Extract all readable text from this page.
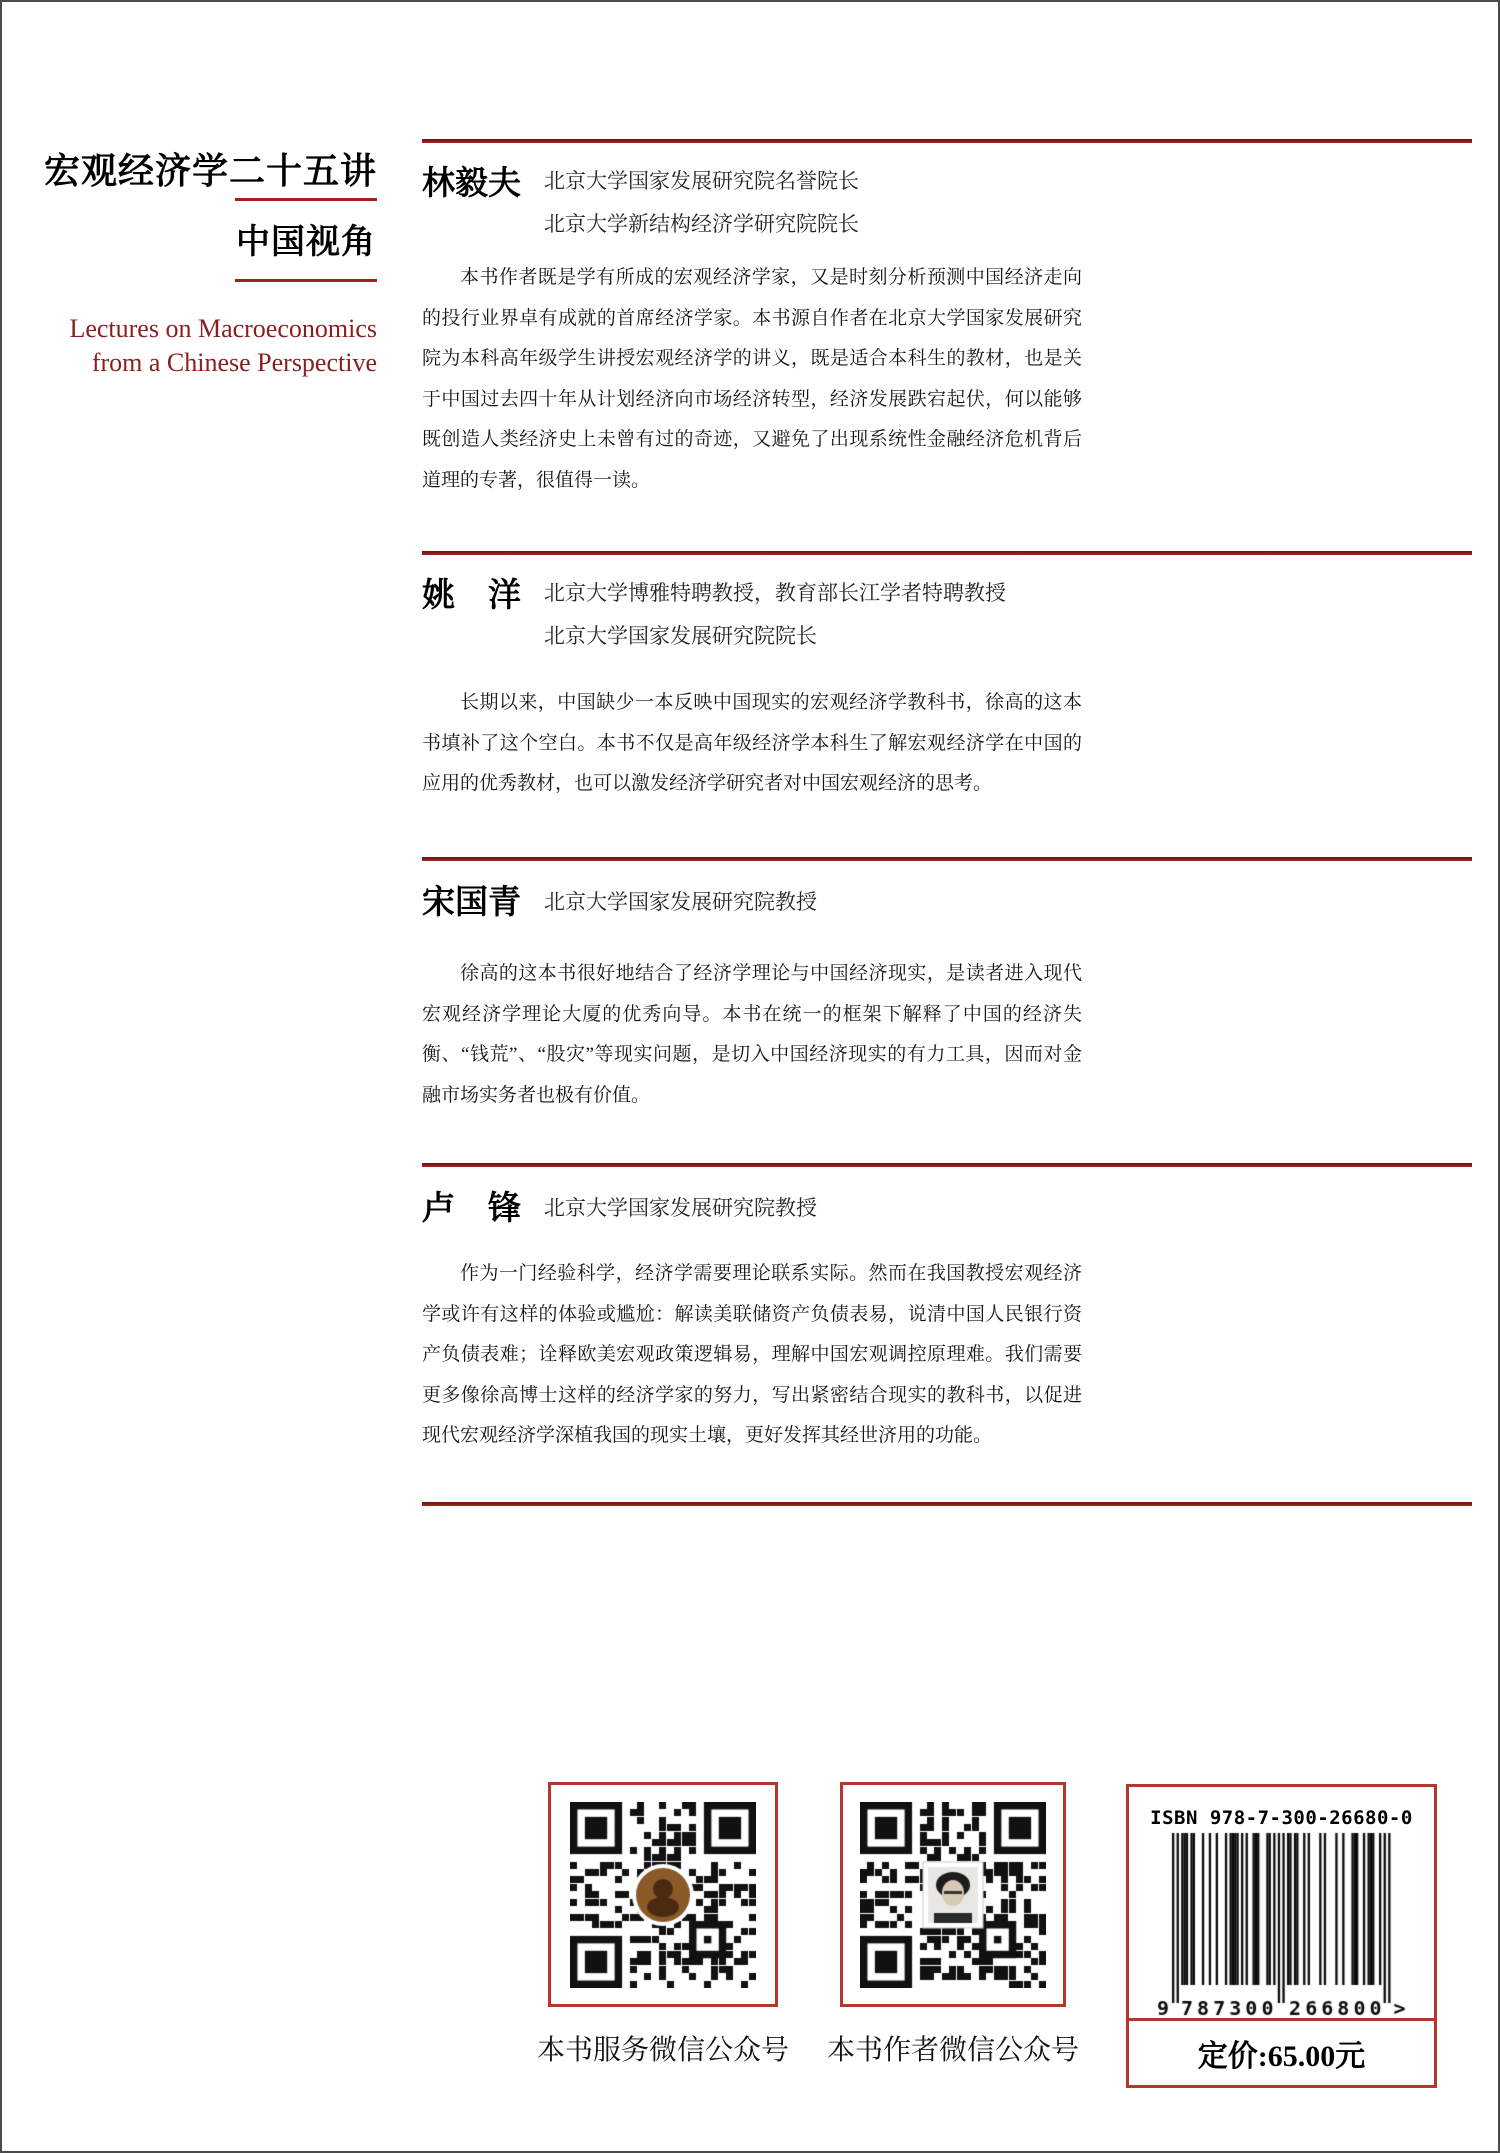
宏观经济学二十五讲
中国视角
Lectures on Macroeconomics
from a Chinese Perspective
林毅夫 北京大学国家发展研究院名誉院长
北京大学新结构经济学研究院院长
本书作者既是学有所成的宏观经济学家，又是时刻分析预测中国经济走向的投行业界卓有成就的首席经济学家。本书源自作者在北京大学国家发展研究院为本科高年级学生讲授宏观经济学的讲义，既是适合本科生的教材，也是关于中国过去四十年从计划经济向市场经济转型，经济发展跌宕起伏，何以能够既创造人类经济史上未曾有过的奇迹，又避免了出现系统性金融经济危机背后道理的专著，很值得一读。
姚　洋 北京大学博雅特聘教授，教育部长江学者特聘教授
北京大学国家发展研究院院长
长期以来，中国缺少一本反映中国现实的宏观经济学教科书，徐高的这本书填补了这个空白。本书不仅是高年级经济学本科生了解宏观经济学在中国的应用的优秀教材，也可以激发经济学研究者对中国宏观经济的思考。
宋国青 北京大学国家发展研究院教授
徐高的这本书很好地结合了经济学理论与中国经济现实，是读者进入现代宏观经济学理论大厦的优秀向导。本书在统一的框架下解释了中国的经济失衡、“钱荒”、“股灾”等现实问题，是切入中国经济现实的有力工具，因而对金融市场实务者也极有价值。
卢　锋 北京大学国家发展研究院教授
作为一门经验科学，经济学需要理论联系实际。然而在我国教授宏观经济学或许有这样的体验或尴尬：解读美联储资产负债表易，说清中国人民银行资产负债表难；诠释欧美宏观政策逻辑易，理解中国宏观调控原理难。我们需要更多像徐高博士这样的经济学家的努力，写出紧密结合现实的教科书，以促进现代宏观经济学深植我国的现实土壤，更好发挥其经世济用的功能。
本书服务微信公众号	本书作者微信公众号
ISBN 978-7-300-26680-0
定价:65.00元
